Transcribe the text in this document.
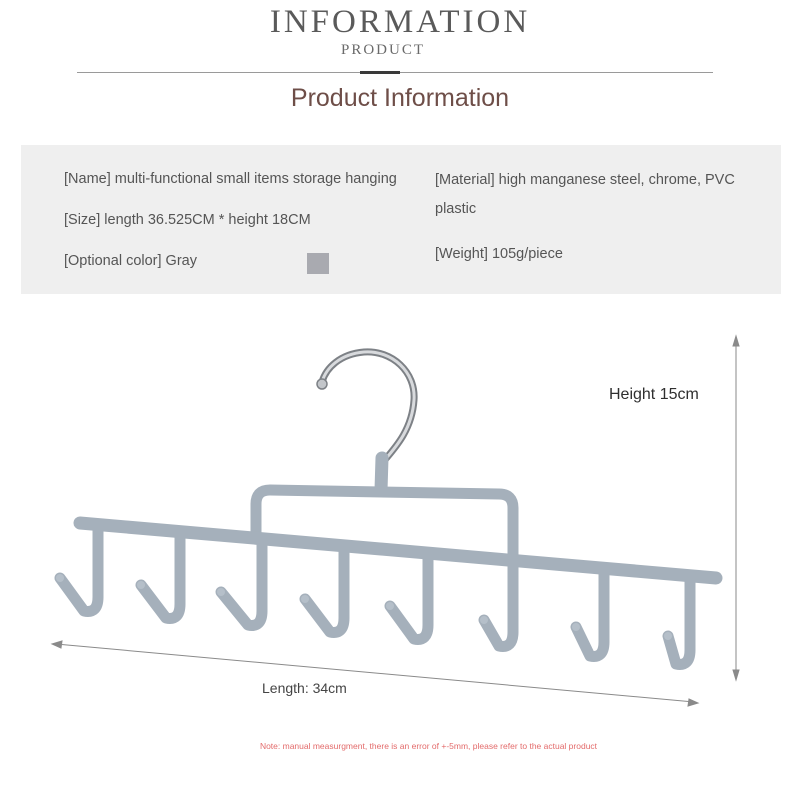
INFORMATION
PRODUCT
Product Information
[Name] multi-functional small items storage hanging
[Size] length 36.525CM * height 18CM
[Optional color] Gray
[Material] high manganese steel, chrome, PVC plastic
[Weight] 105g/piece
Height 15cm
Length: 34cm
Note: manual measurgment, there is an error of +-5mm, please refer to the actual product
